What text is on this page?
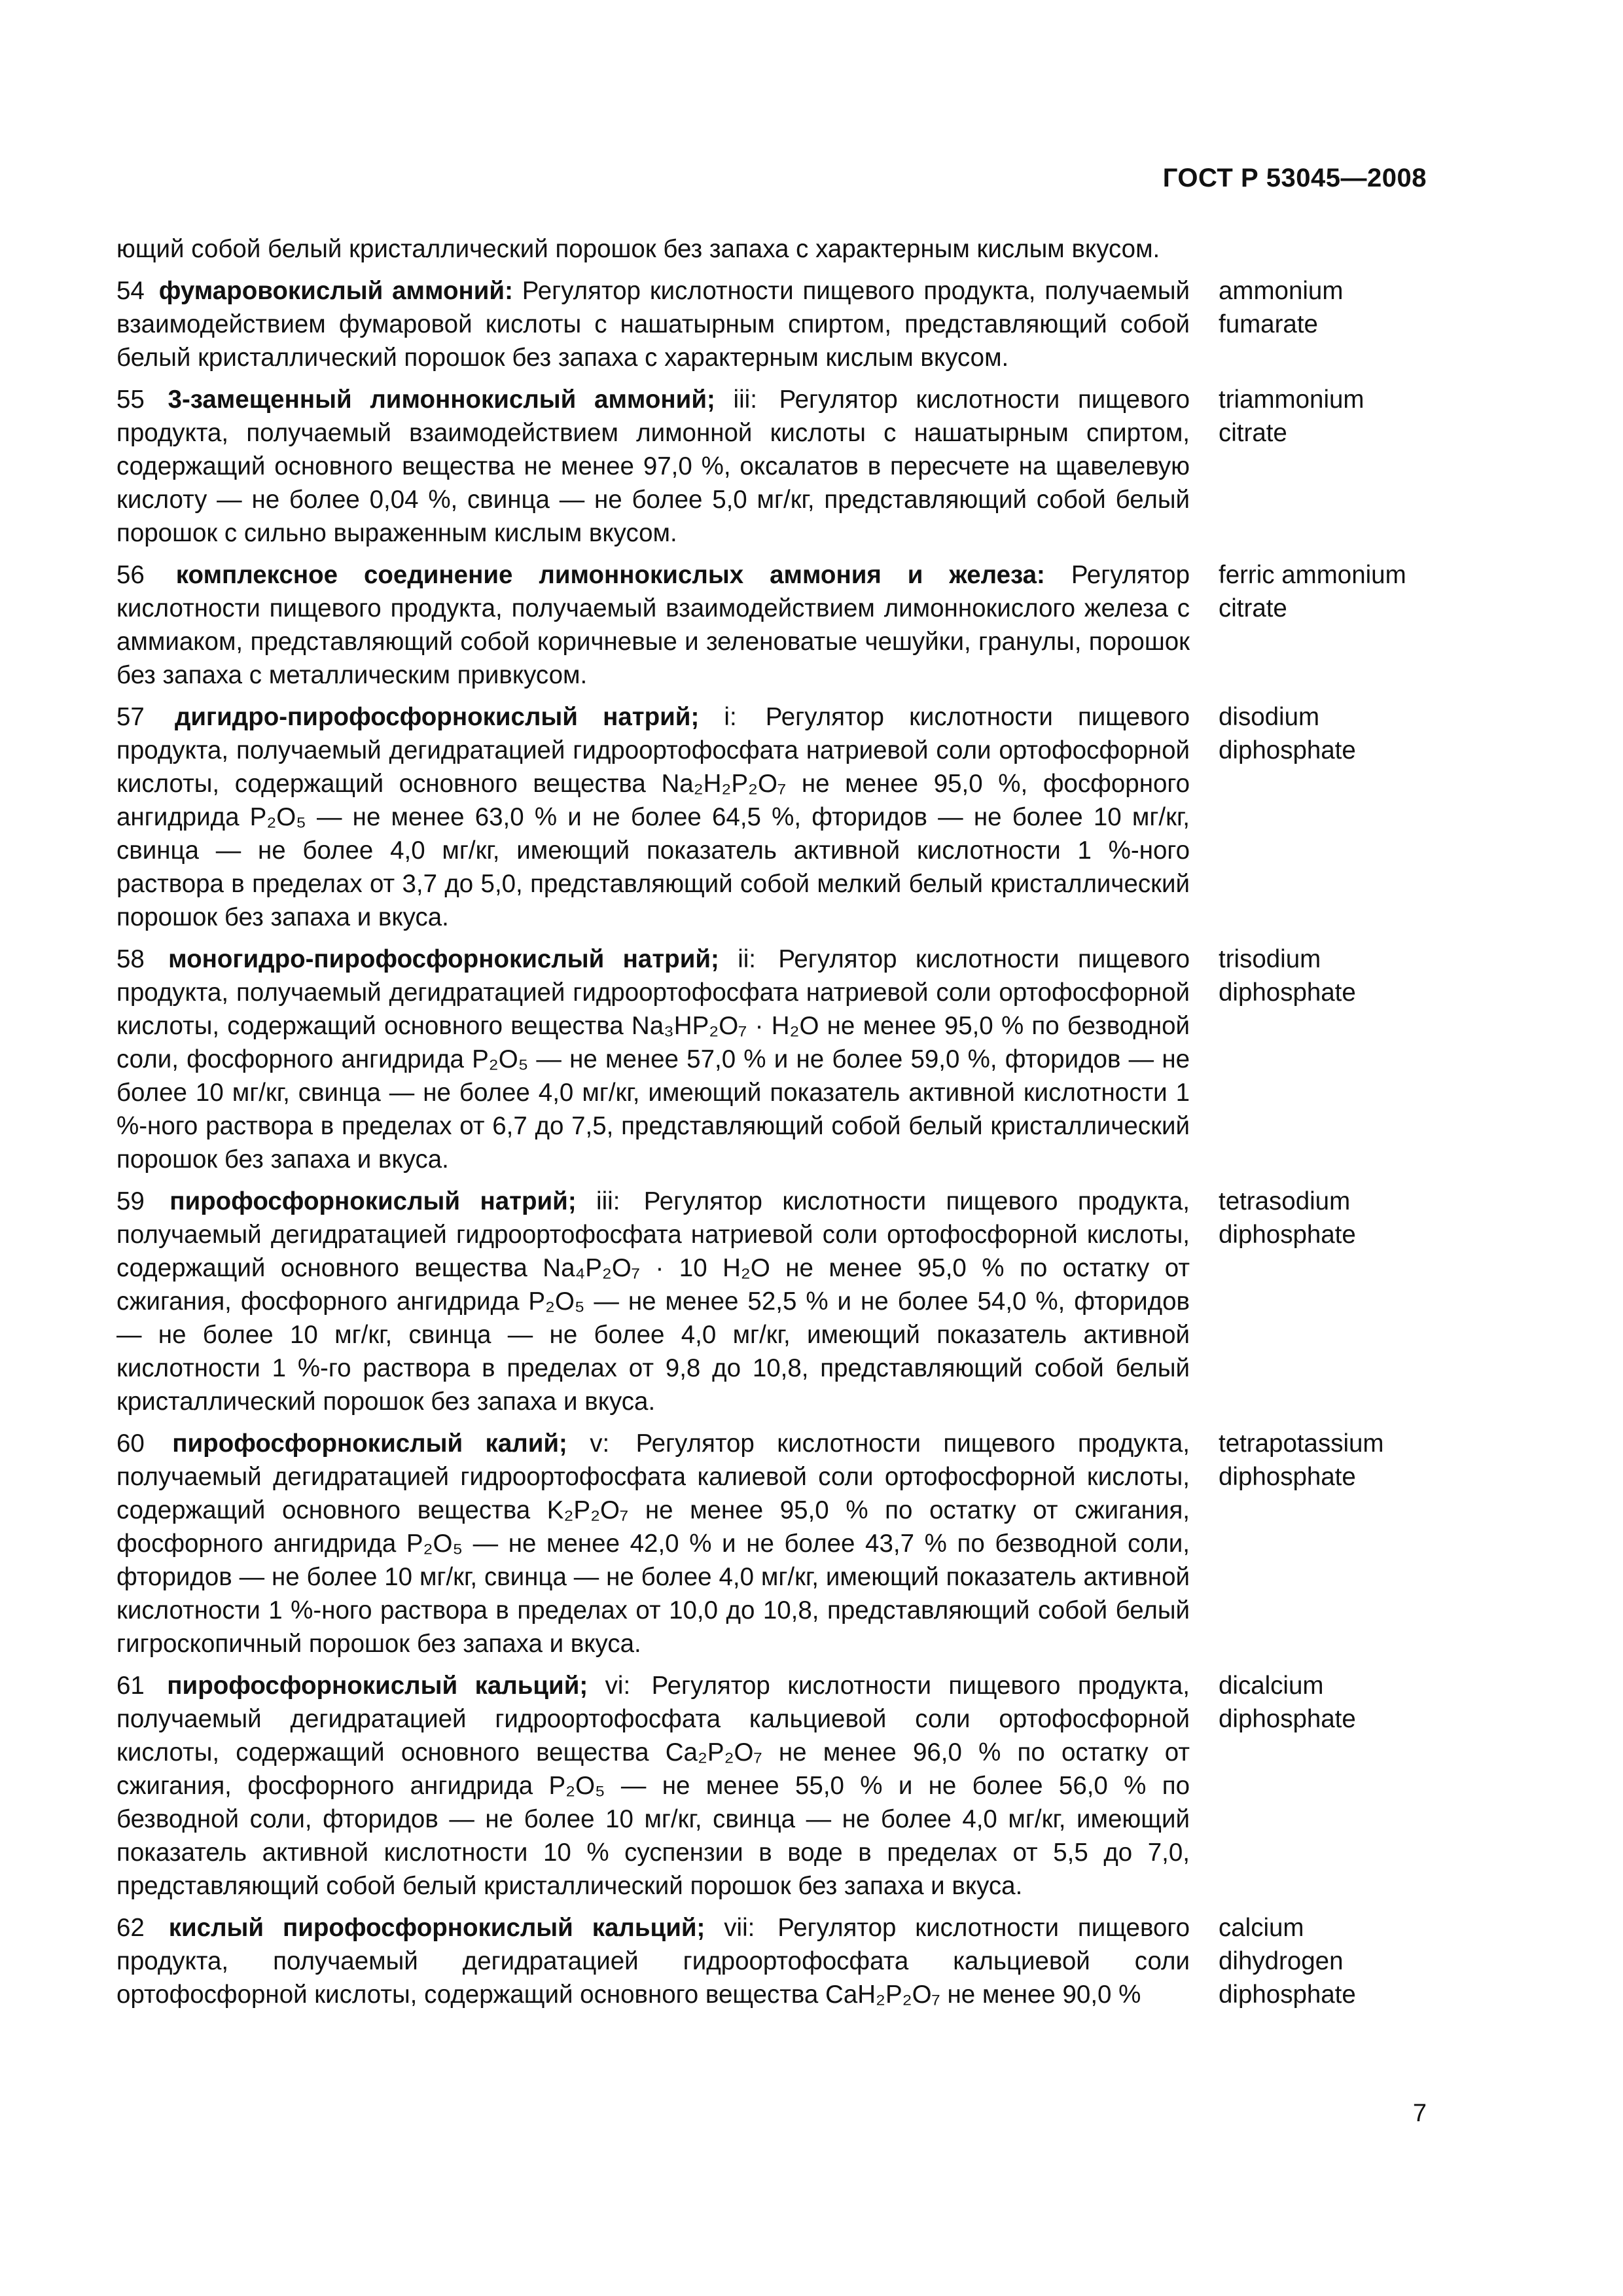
ГОСТ Р 53045—2008
ющий собой белый кристаллический порошок без запаха с характерным кислым вкусом.
54 фумаровокислый аммоний: Регулятор кислотности пищевого продукта, получаемый взаимодействием фумаровой кислоты с нашатырным спиртом, представляющий собой белый кристаллический порошок без запаха с характерным кислым вкусом.
ammonium
fumarate
55 3-замещенный лимоннокислый аммоний; iii: Регулятор кислотности пищевого продукта, получаемый взаимодействием лимонной кислоты с нашатырным спиртом, содержащий основного вещества не менее 97,0 %, оксалатов в пересчете на щавелевую кислоту — не более 0,04 %, свинца — не более 5,0 мг/кг, представляющий собой белый порошок с сильно выраженным кислым вкусом.
triammonium
citrate
56 комплексное соединение лимоннокислых аммония и железа: Регулятор кислотности пищевого продукта, получаемый взаимодействием лимоннокислого железа с аммиаком, представляющий собой коричневые и зеленоватые чешуйки, гранулы, порошок без запаха с металлическим привкусом.
ferric ammonium
citrate
57 дигидро-пирофосфорнокислый натрий; i: Регулятор кислотности пищевого продукта, получаемый дегидратацией гидроортофосфата натриевой соли ортофосфорной кислоты, содержащий основного вещества Na₂H₂P₂O₇ не менее 95,0 %, фосфорного ангидрида P₂O₅ — не менее 63,0 % и не более 64,5 %, фторидов — не более 10 мг/кг, свинца — не более 4,0 мг/кг, имеющий показатель активной кислотности 1 %-ного раствора в пределах от 3,7 до 5,0, представляющий собой мелкий белый кристаллический порошок без запаха и вкуса.
disodium
diphosphate
58 моногидро-пирофосфорнокислый натрий; ii: Регулятор кислотности пищевого продукта, получаемый дегидратацией гидроортофосфата натриевой соли ортофосфорной кислоты, содержащий основного вещества Na₃HP₂O₇ · H₂O не менее 95,0 % по безводной соли, фосфорного ангидрида P₂O₅ — не менее 57,0 % и не более 59,0 %, фторидов — не более 10 мг/кг, свинца — не более 4,0 мг/кг, имеющий показатель активной кислотности 1 %-ного раствора в пределах от 6,7 до 7,5, представляющий собой белый кристаллический порошок без запаха и вкуса.
trisodium
diphosphate
59 пирофосфорнокислый натрий; iii: Регулятор кислотности пищевого продукта, получаемый дегидратацией гидроортофосфата натриевой соли ортофосфорной кислоты, содержащий основного вещества Na₄P₂O₇ · 10 H₂O не менее 95,0 % по остатку от сжигания, фосфорного ангидрида P₂O₅ — не менее 52,5 % и не более 54,0 %, фторидов — не более 10 мг/кг, свинца — не более 4,0 мг/кг, имеющий показатель активной кислотности 1 %-го раствора в пределах от 9,8 до 10,8, представляющий собой белый кристаллический порошок без запаха и вкуса.
tetrasodium
diphosphate
60 пирофосфорнокислый калий; v: Регулятор кислотности пищевого продукта, получаемый дегидратацией гидроортофосфата калиевой соли ортофосфорной кислоты, содержащий основного вещества K₂P₂O₇ не менее 95,0 % по остатку от сжигания, фосфорного ангидрида P₂O₅ — не менее 42,0 % и не более 43,7 % по безводной соли, фторидов — не более 10 мг/кг, свинца — не более 4,0 мг/кг, имеющий показатель активной кислотности 1 %-ного раствора в пределах от 10,0 до 10,8, представляющий собой белый гигроскопичный порошок без запаха и вкуса.
tetrapotassium
diphosphate
61 пирофосфорнокислый кальций; vi: Регулятор кислотности пищевого продукта, получаемый дегидратацией гидроортофосфата кальциевой соли ортофосфорной кислоты, содержащий основного вещества Ca₂P₂O₇ не менее 96,0 % по остатку от сжигания, фосфорного ангидрида P₂O₅ — не менее 55,0 % и не более 56,0 % по безводной соли, фторидов — не более 10 мг/кг, свинца — не более 4,0 мг/кг, имеющий показатель активной кислотности 10 % суспензии в воде в пределах от 5,5 до 7,0, представляющий собой белый кристаллический порошок без запаха и вкуса.
dicalcium
diphosphate
62 кислый пирофосфорнокислый кальций; vii: Регулятор кислотности пищевого продукта, получаемый дегидратацией гидроортофосфата кальциевой соли ортофосфорной кислоты, содержащий основного вещества CaH₂P₂O₇ не менее 90,0 %
calcium
dihydrogen
diphosphate
7
